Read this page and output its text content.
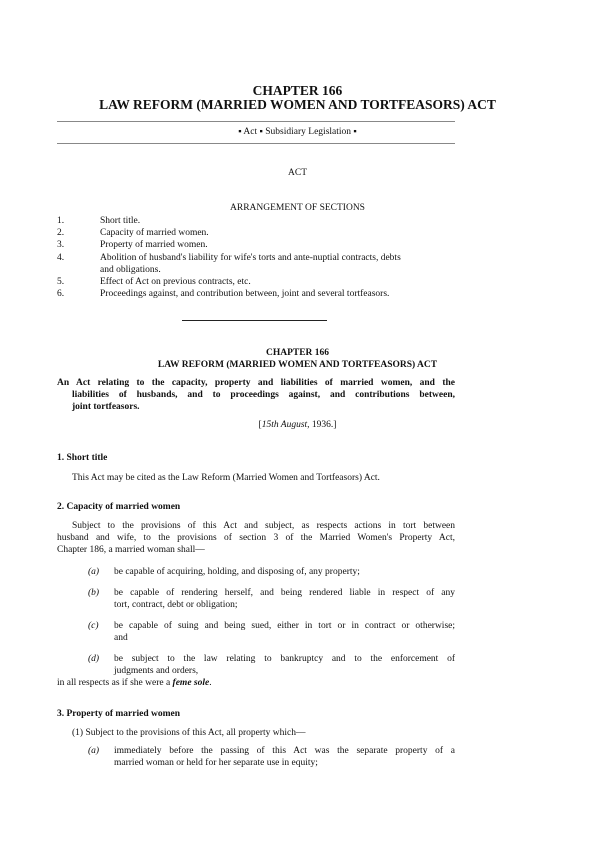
CHAPTER 166
LAW REFORM (MARRIED WOMEN AND TORTFEASORS) ACT
▪ Act ▪ Subsidiary Legislation ▪
ACT
ARRANGEMENT OF SECTIONS
1.	Short title.
2.	Capacity of married women.
3.	Property of married women.
4.	Abolition of husband's liability for wife's torts and ante-nuptial contracts, debts
and obligations.
5.	Effect of Act on previous contracts, etc.
6.	Proceedings against, and contribution between, joint and several tortfeasors.
CHAPTER 166
LAW REFORM (MARRIED WOMEN AND TORTFEASORS) ACT
An Act relating to the capacity, property and liabilities of married women, and the
liabilities of husbands, and to proceedings against, and contributions between,
joint tortfeasors.
[15th August, 1936.]
1. Short title
This Act may be cited as the Law Reform (Married Women and Tortfeasors) Act.
2. Capacity of married women
Subject to the provisions of this Act and subject, as respects actions in tort between
husband and wife, to the provisions of section 3 of the Married Women's Property Act,
Chapter 186, a married woman shall—
(a)	be capable of acquiring, holding, and disposing of, any property;
(b)	be capable of rendering herself, and being rendered liable in respect of any
tort, contract, debt or obligation;
(c)	be capable of suing and being sued, either in tort or in contract or otherwise;
and
(d)	be subject to the law relating to bankruptcy and to the enforcement of
judgments and orders,
in all respects as if she were a feme sole.
3. Property of married women
(1) Subject to the provisions of this Act, all property which—
(a)	immediately before the passing of this Act was the separate property of a
married woman or held for her separate use in equity;
